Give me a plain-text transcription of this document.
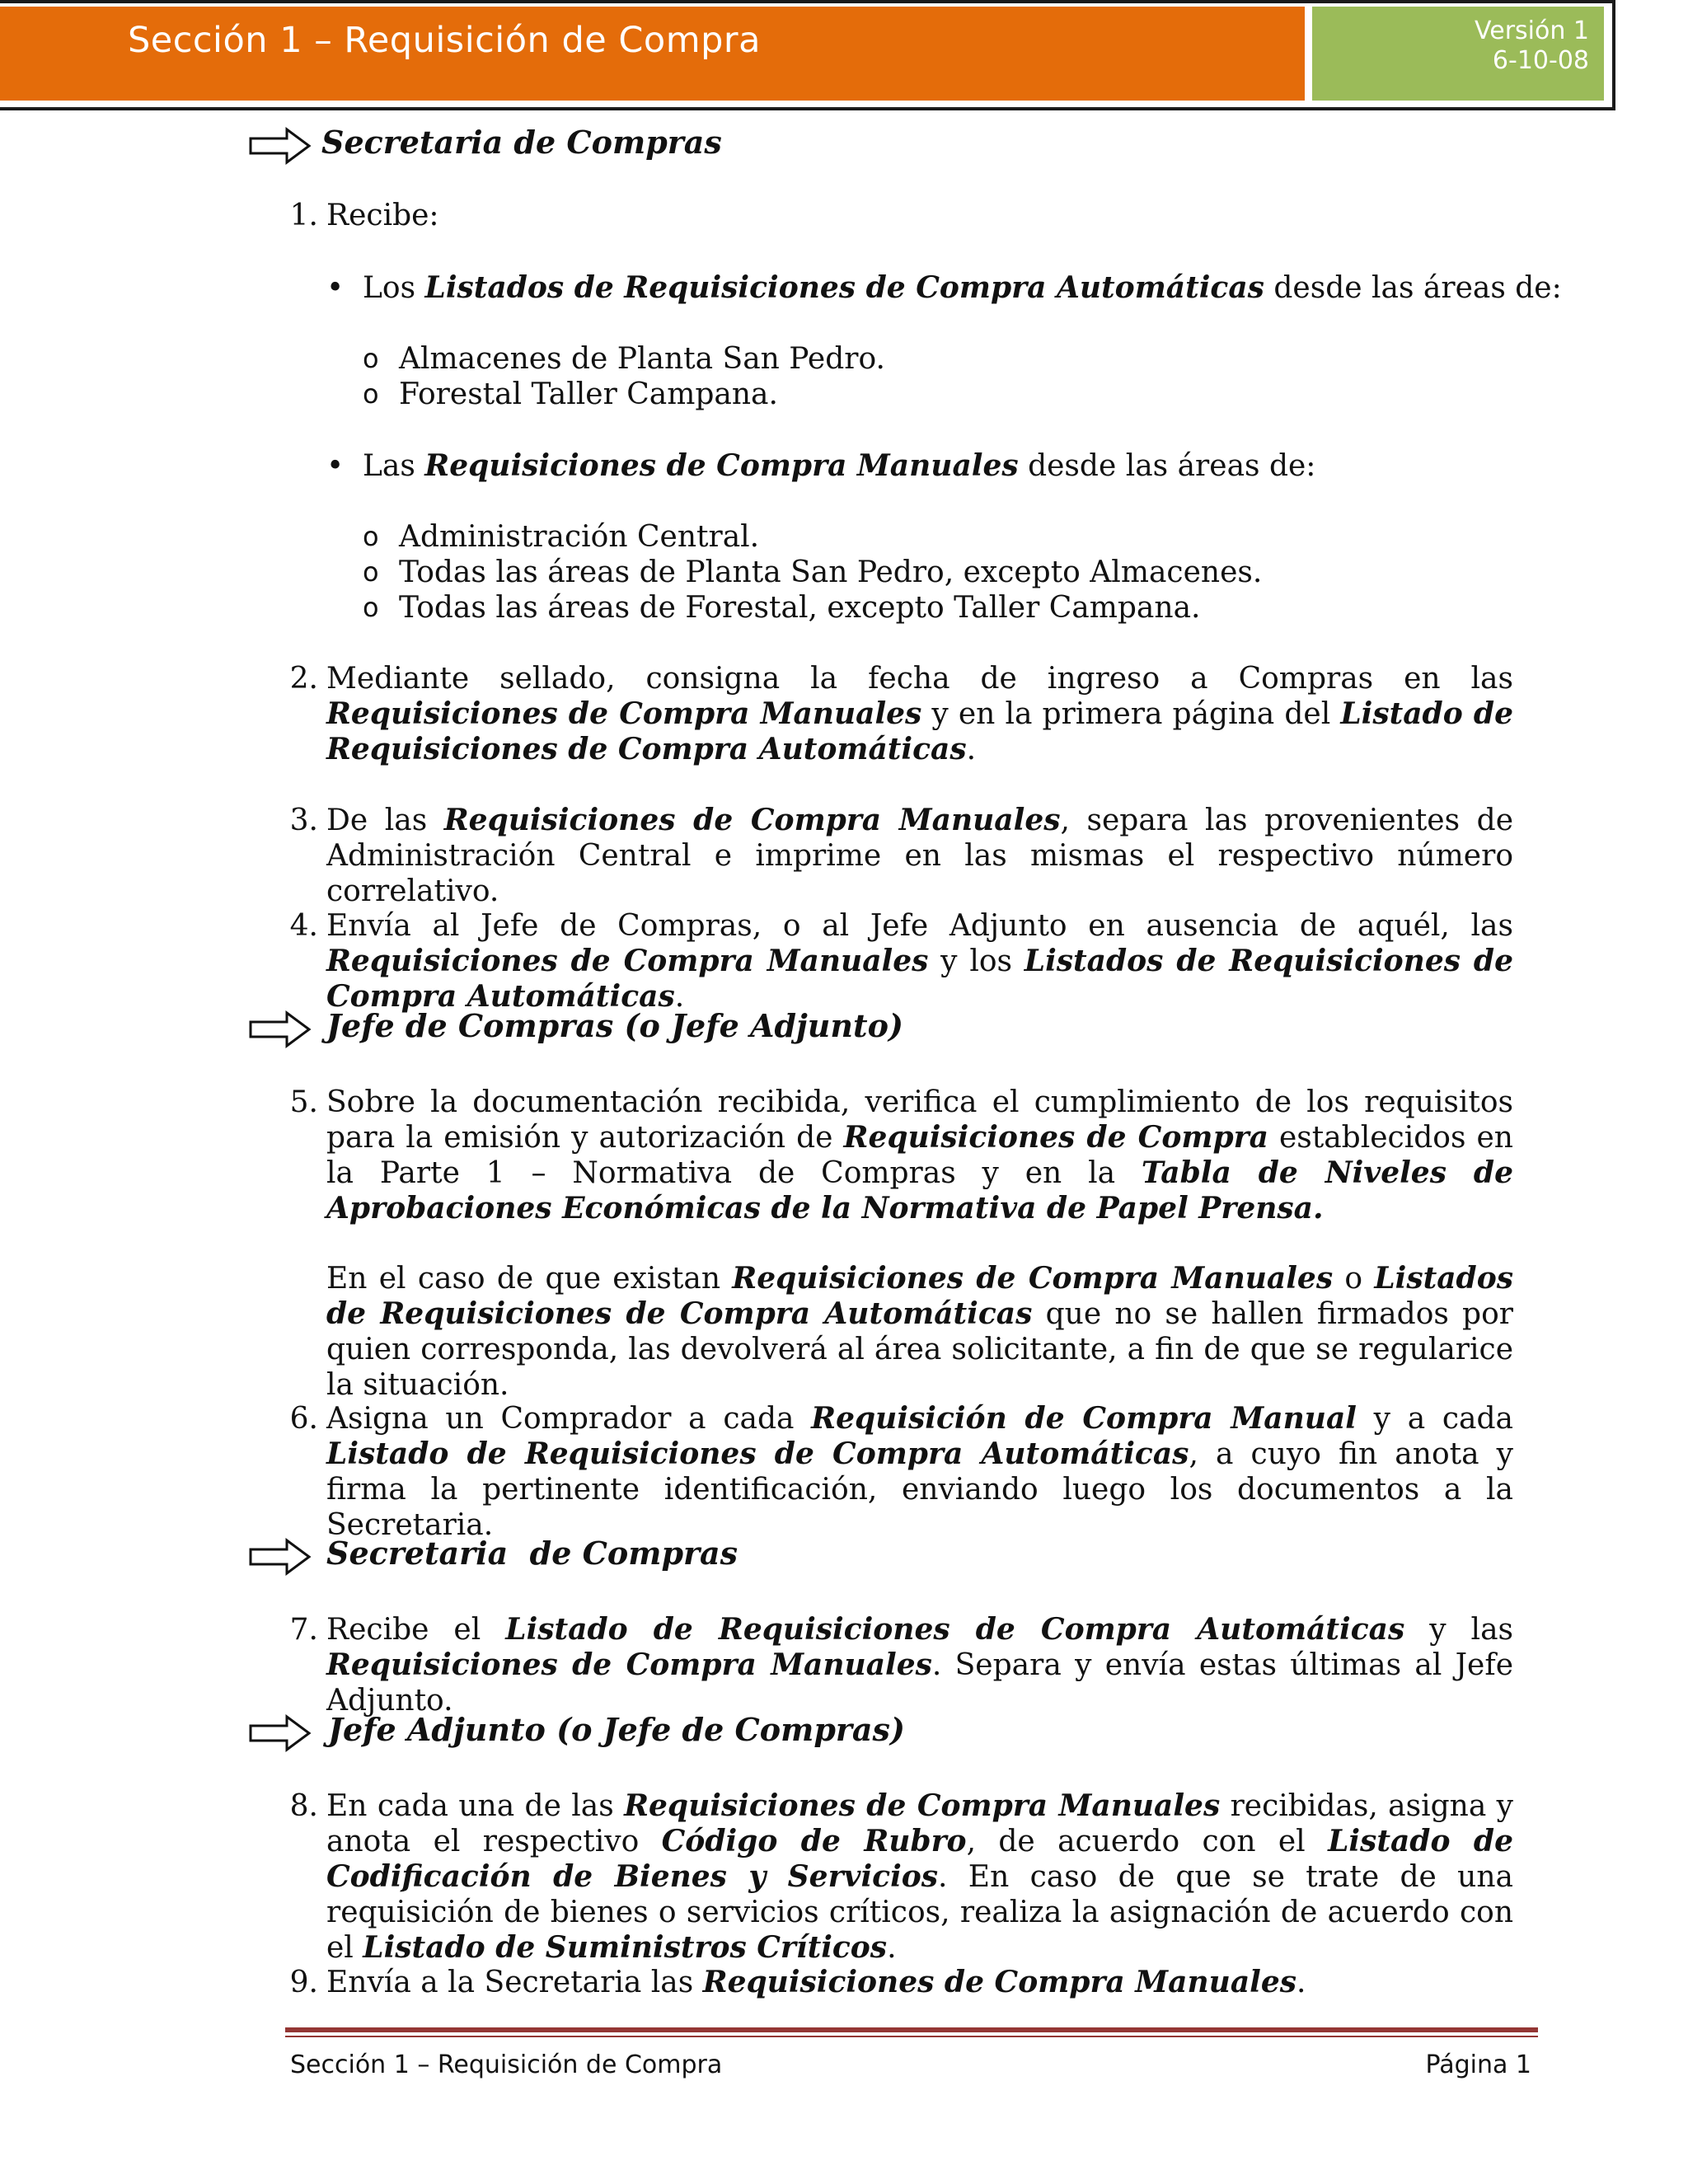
Sección 1 – Requisición de Compra	Versión 1
6-10-08
Secretaria de Compras
1. Recibe:
• Los Listados de Requisiciones de Compra Automáticas desde las áreas de:
o Almacenes de Planta San Pedro.
o Forestal Taller Campana.
• Las Requisiciones de Compra Manuales desde las áreas de:
o Administración Central.
o Todas las áreas de Planta San Pedro, excepto Almacenes.
o Todas las áreas de Forestal, excepto Taller Campana.
2. Mediante sellado, consigna la fecha de ingreso a Compras en las Requisiciones de Compra Manuales y en la primera página del Listado de Requisiciones de Compra Automáticas.
3. De las Requisiciones de Compra Manuales, separa las provenientes de Administración Central e imprime en las mismas el respectivo número correlativo.
4. Envía al Jefe de Compras, o al Jefe Adjunto en ausencia de aquél, las Requisiciones de Compra Manuales y los Listados de Requisiciones de Compra Automáticas.
Jefe de Compras (o Jefe Adjunto)
5. Sobre la documentación recibida, verifica el cumplimiento de los requisitos para la emisión y autorización de Requisiciones de Compra establecidos en la Parte 1 – Normativa de Compras y en la Tabla de Niveles de Aprobaciones Económicas de la Normativa de Papel Prensa.
En el caso de que existan Requisiciones de Compra Manuales o Listados de Requisiciones de Compra Automáticas que no se hallen firmados por quien corresponda, las devolverá al área solicitante, a fin de que se regularice la situación.
6. Asigna un Comprador a cada Requisición de Compra Manual y a cada Listado de Requisiciones de Compra Automáticas, a cuyo fin anota y firma la pertinente identificación, enviando luego los documentos a la Secretaria.
Secretaria  de Compras
7. Recibe el Listado de Requisiciones de Compra Automáticas y las Requisiciones de Compra Manuales. Separa y envía estas últimas al Jefe Adjunto.
Jefe Adjunto (o Jefe de Compras)
8. En cada una de las Requisiciones de Compra Manuales recibidas, asigna y anota el respectivo Código de Rubro, de acuerdo con el Listado de Codificación de Bienes y Servicios. En caso de que se trate de una requisición de bienes o servicios críticos, realiza la asignación de acuerdo con el Listado de Suministros Críticos.
9. Envía a la Secretaria las Requisiciones de Compra Manuales.
Sección 1 – Requisición de Compra	Página 1
